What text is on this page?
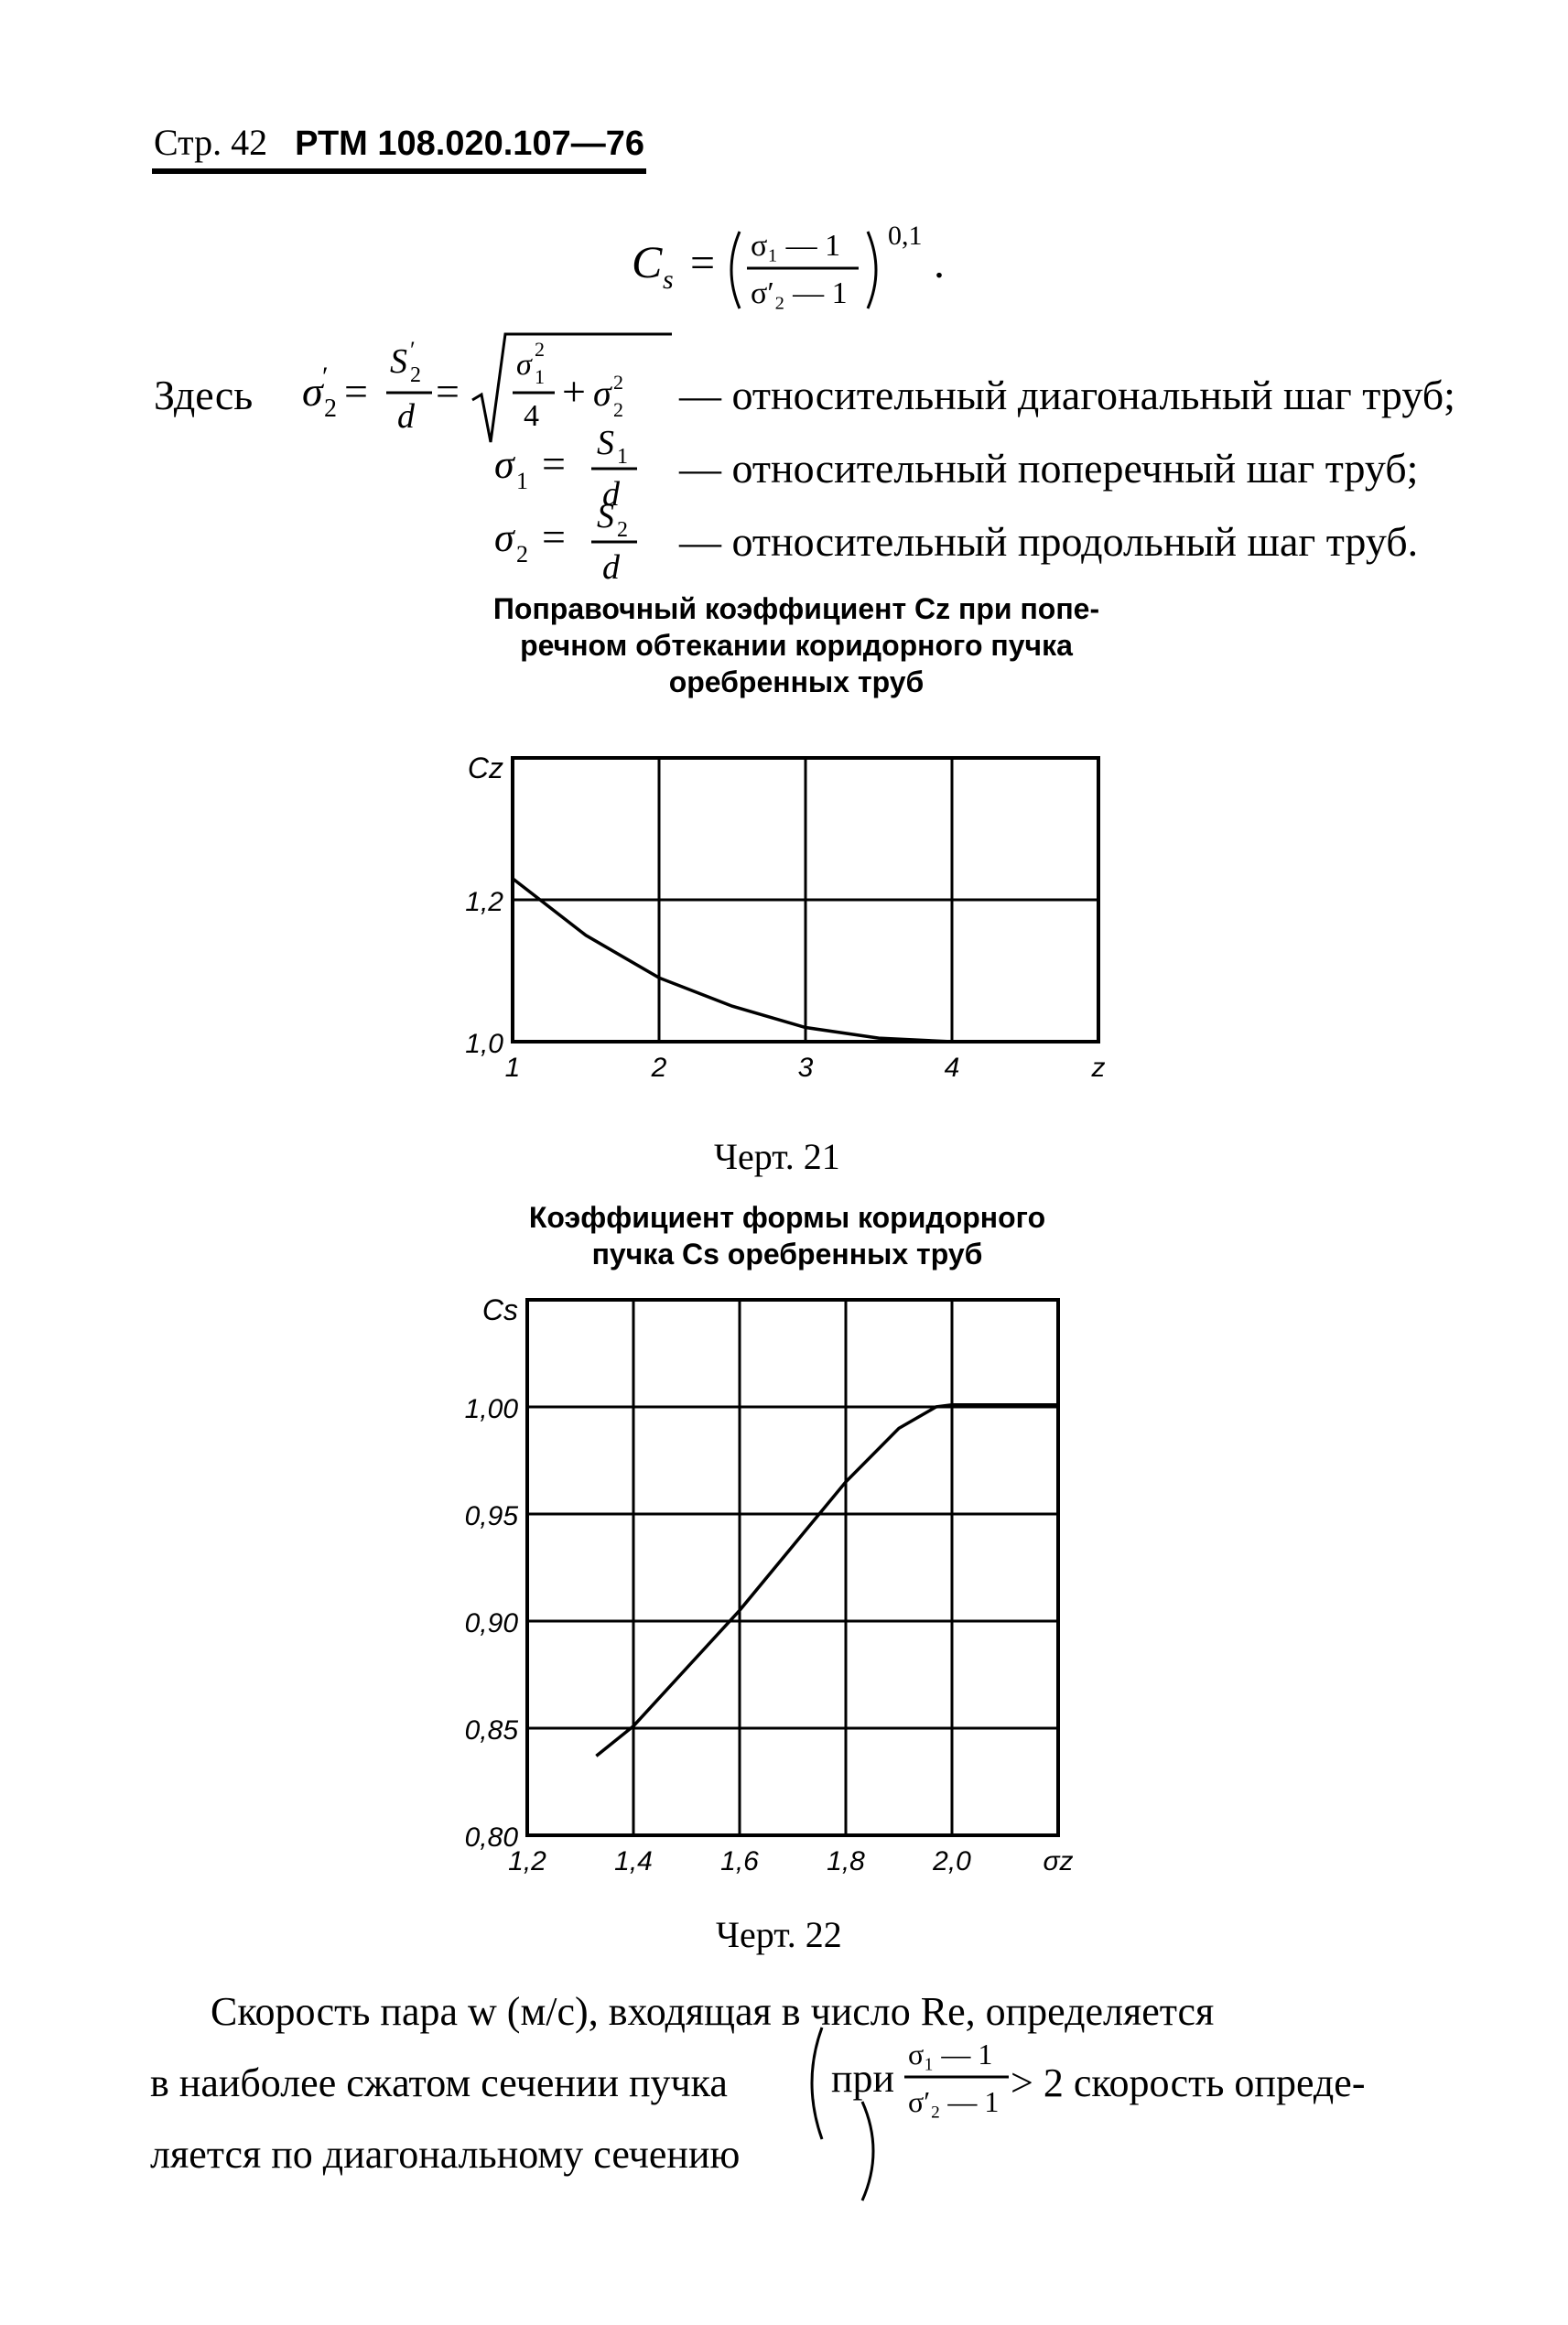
Стр. 42 РТМ 108.020.107—76
C s = σ₁ — 1
σ′₂ — 1
0,1
.
Здесь σ ′
2 =
S ′
2
d
=
σ 2
1
4
+ σ 2
2 — относительный диагональный шаг труб;
σ 1 = S 1
d
— относительный поперечный шаг труб;
σ 2 = S 2
d
— относительный продольный шаг труб.
Поправочный коэффициент Cz при попе-
речном обтекании коридорного пучка
оребренных труб
1,0
1,2
1	2	3	4	z
Cz
Черт. 21
Коэффициент формы коридорного
пучка Cs оребренных труб
0,80
0,85
0,90
0,95
1,00
1,2 1,4 1,6 1,8 2,0	σz
Cs
Черт. 22
Скорость пара w (м/с), входящая в число Re, определяется
в наиболее сжатом сечении пучка	при
σ₁ — 1
σ′₂ — 1 > 2 скорость опреде-
ляется по диагональному сечению
